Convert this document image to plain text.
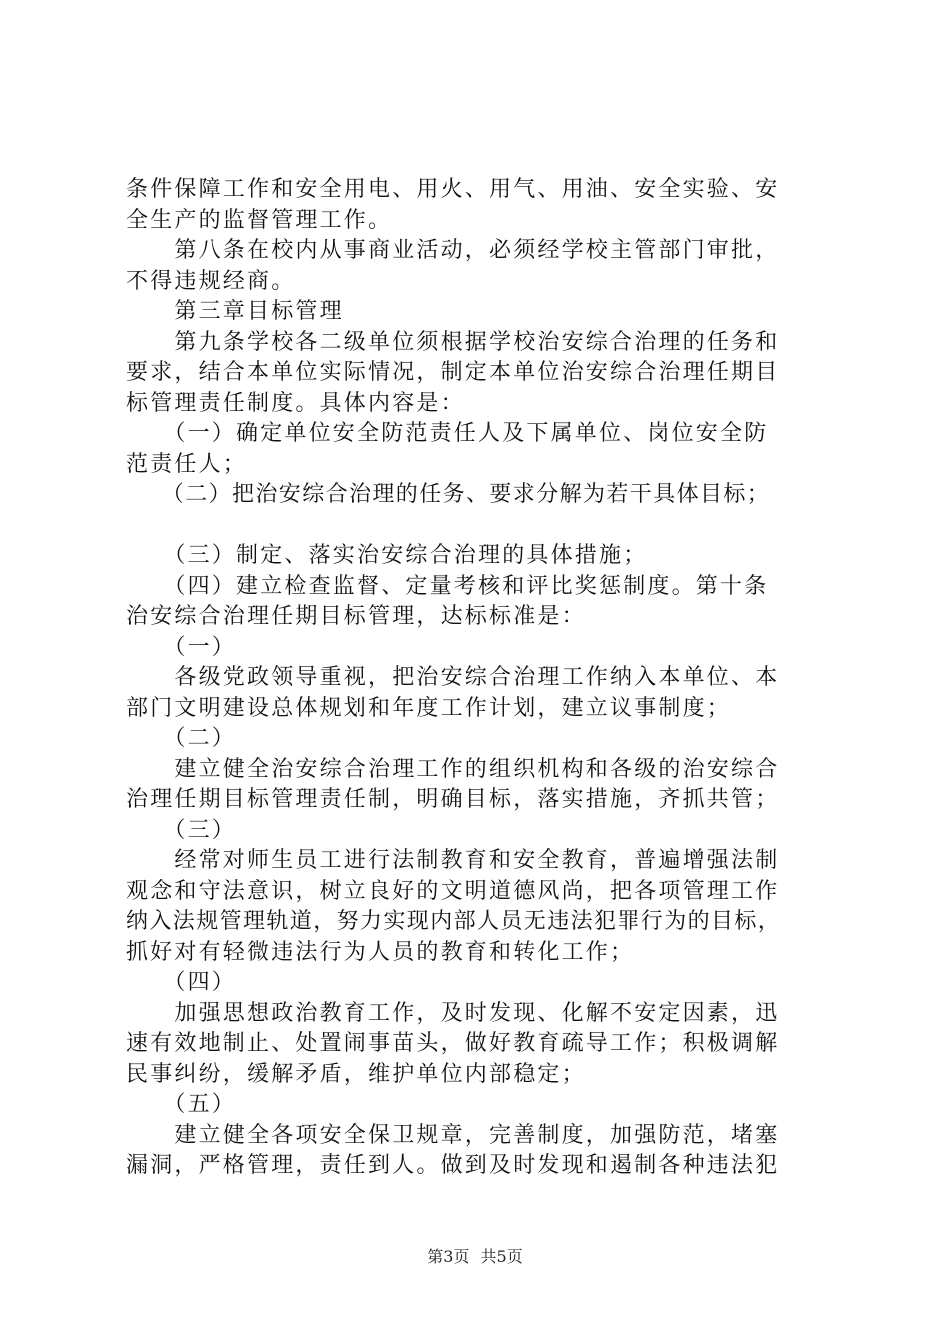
条件保障工作和安全用电、用火、用气、用油、安全实验、安
全生产的监督管理工作。
　　第八条在校内从事商业活动，必须经学校主管部门审批，
不得违规经商。
　　第三章目标管理
　　第九条学校各二级单位须根据学校治安综合治理的任务和
要求，结合本单位实际情况，制定本单位治安综合治理任期目
标管理责任制度。具体内容是：
　　（一）确定单位安全防范责任人及下属单位、岗位安全防
范责任人；
　　（二）把治安综合治理的任务、要求分解为若干具体目标；
　　（三）制定、落实治安综合治理的具体措施；
　　（四）建立检查监督、定量考核和评比奖惩制度。第十条
治安综合治理任期目标管理，达标标准是：
　　（一）
　　各级党政领导重视，把治安综合治理工作纳入本单位、本
部门文明建设总体规划和年度工作计划，建立议事制度；
　　（二）
　　建立健全治安综合治理工作的组织机构和各级的治安综合
治理任期目标管理责任制，明确目标，落实措施，齐抓共管；
　　（三）
　　经常对师生员工进行法制教育和安全教育，普遍增强法制
观念和守法意识，树立良好的文明道德风尚，把各项管理工作
纳入法规管理轨道，努力实现内部人员无违法犯罪行为的目标，
抓好对有轻微违法行为人员的教育和转化工作；
　　（四）
　　加强思想政治教育工作，及时发现、化解不安定因素，迅
速有效地制止、处置闹事苗头，做好教育疏导工作；积极调解
民事纠纷，缓解矛盾，维护单位内部稳定；
　　（五）
　　建立健全各项安全保卫规章，完善制度，加强防范，堵塞
漏洞，严格管理，责任到人。做到及时发现和遏制各种违法犯
第3页 共5页
